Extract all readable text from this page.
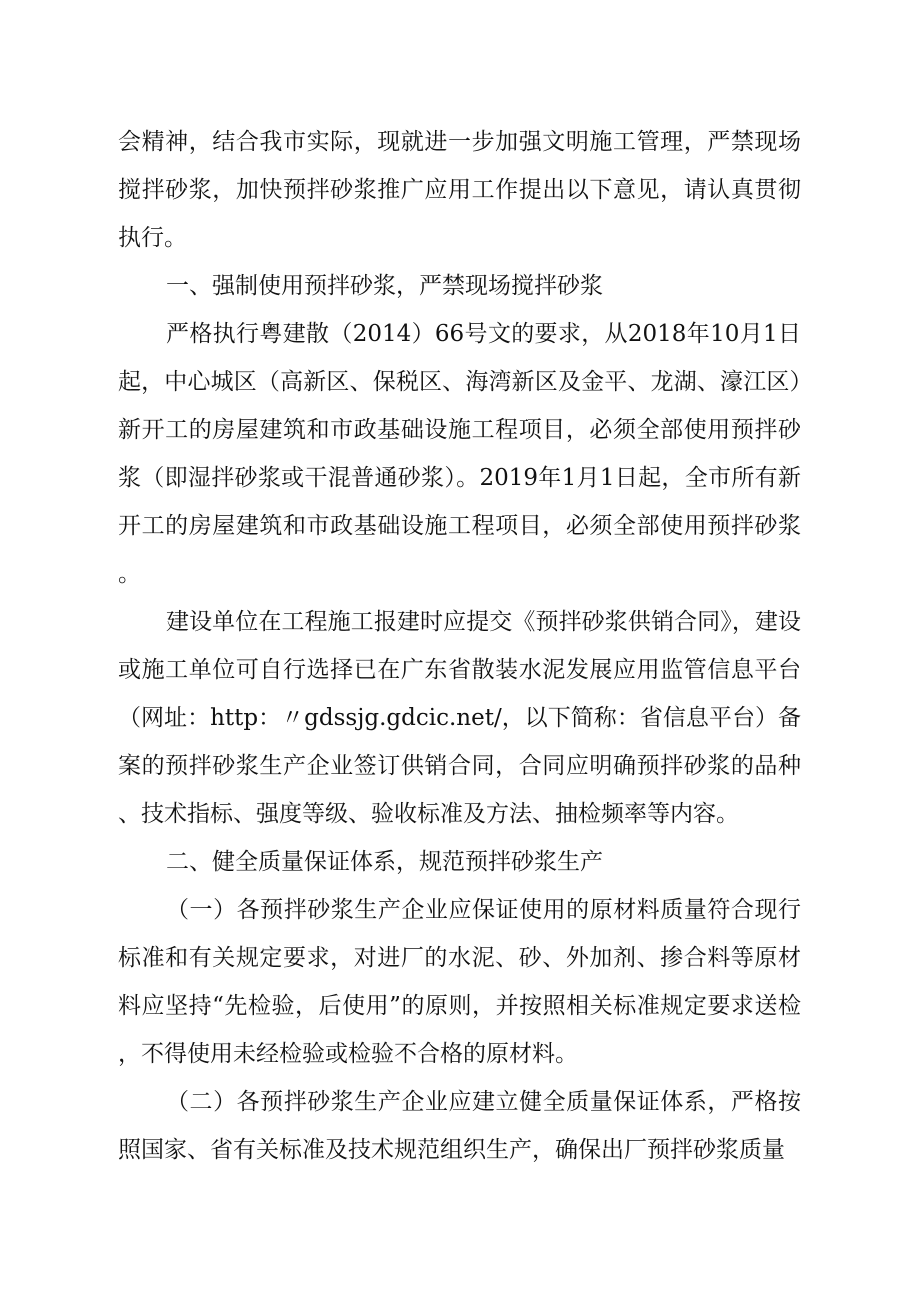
会精神，结合我市实际，现就进一步加强文明施工管理，严禁现场搅拌砂浆，加快预拌砂浆推广应用工作提出以下意见，请认真贯彻执行。

一、强制使用预拌砂浆，严禁现场搅拌砂浆

严格执行粤建散（2014）66号文的要求，从2018年10月1日起，中心城区（高新区、保税区、海湾新区及金平、龙湖、濠江区）新开工的房屋建筑和市政基础设施工程项目，必须全部使用预拌砂浆（即湿拌砂浆或干混普通砂浆）。2019年1月1日起，全市所有新开工的房屋建筑和市政基础设施工程项目，必须全部使用预拌砂浆。

建设单位在工程施工报建时应提交《预拌砂浆供销合同》，建设或施工单位可自行选择已在广东省散装水泥发展应用监管信息平台（网址：http：〃gdssjg.gdcic.net/，以下简称：省信息平台）备案的预拌砂浆生产企业签订供销合同，合同应明确预拌砂浆的品种、技术指标、强度等级、验收标准及方法、抽检频率等内容。

二、健全质量保证体系，规范预拌砂浆生产

（一）各预拌砂浆生产企业应保证使用的原材料质量符合现行标准和有关规定要求，对进厂的水泥、砂、外加剂、掺合料等原材料应坚持“先检验，后使用”的原则，并按照相关标准规定要求送检，不得使用未经检验或检验不合格的原材料。

（二）各预拌砂浆生产企业应建立健全质量保证体系，严格按照国家、省有关标准及技术规范组织生产，确保出厂预拌砂浆质量
